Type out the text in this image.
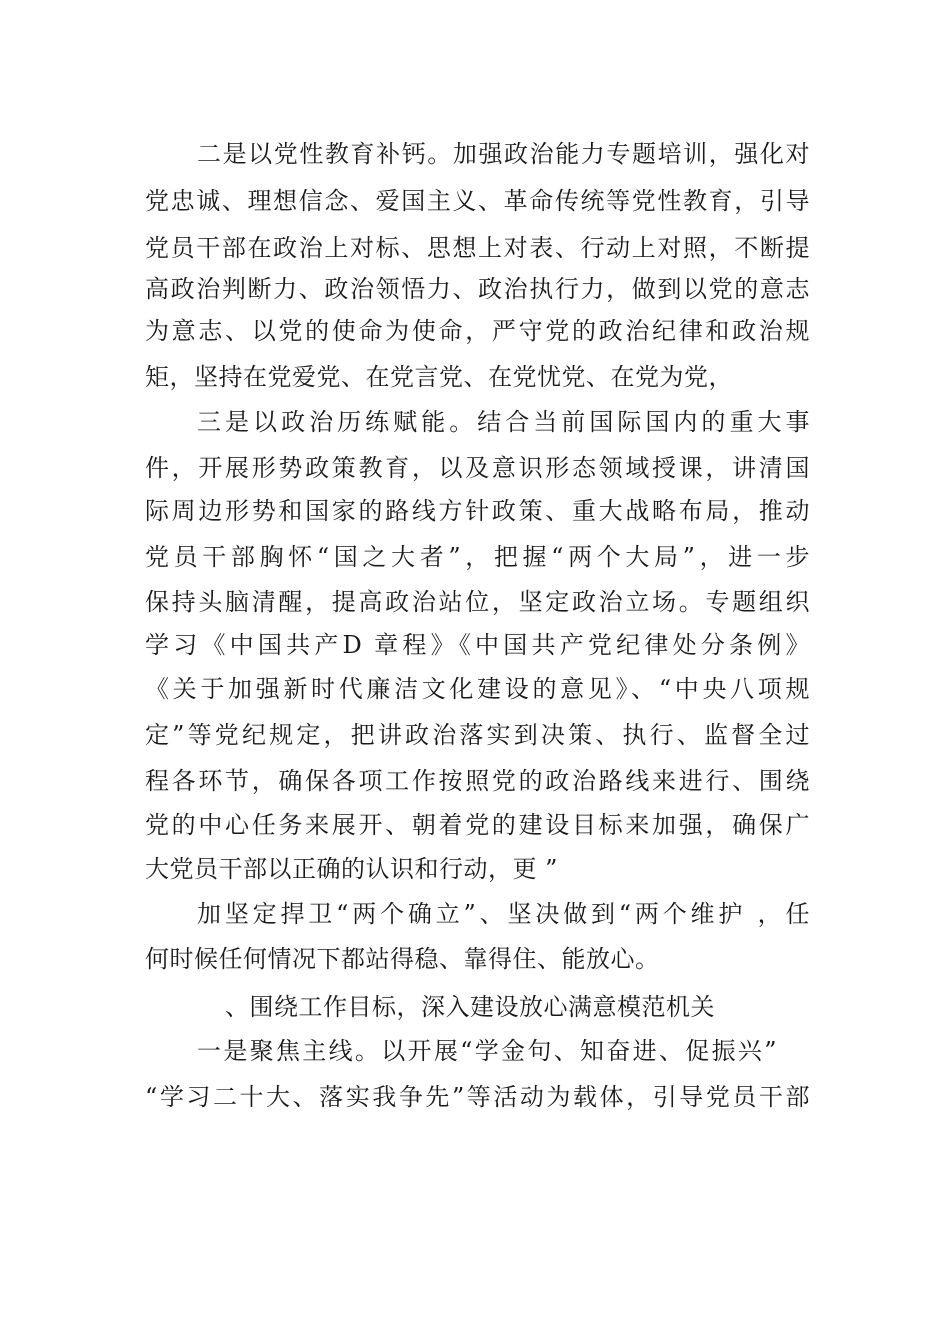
二是以党性教育补钙。加强政治能力专题培训，强化对
党忠诚、理想信念、爱国主义、革命传统等党性教育，引导
党员干部在政治上对标、思想上对表、行动上对照，不断提
高政治判断力、政治领悟力、政治执行力，做到以党的意志
为意志、以党的使命为使命，严守党的政治纪律和政治规
矩，坚持在党爱党、在党言党、在党忧党、在党为党，
三是以政治历练赋能。结合当前国际国内的重大事
件，开展形势政策教育，以及意识形态领域授课，讲清国
际周边形势和国家的路线方针政策、重大战略布局，推动
党员干部胸怀“国之大者”，把握“两个大局”，进一步
保持头脑清醒，提高政治站位，坚定政治立场。专题组织
学习《中国共产D 章程》《中国共产党纪律处分条例》
《关于加强新时代廉洁文化建设的意见》、“中央八项规
定”等党纪规定，把讲政治落实到决策、执行、监督全过
程各环节，确保各项工作按照党的政治路线来进行、围绕
党的中心任务来展开、朝着党的建设目标来加强，确保广
大党员干部以正确的认识和行动，更 ”
加坚定捍卫“两个确立”、坚决做到“两个维护 ，任
何时候任何情况下都站得稳、靠得住、能放心。
、围绕工作目标，深入建设放心满意模范机关
一是聚焦主线。以开展“学金句、知奋进、促振兴”
“学习二十大、落实我争先”等活动为载体，引导党员干部
